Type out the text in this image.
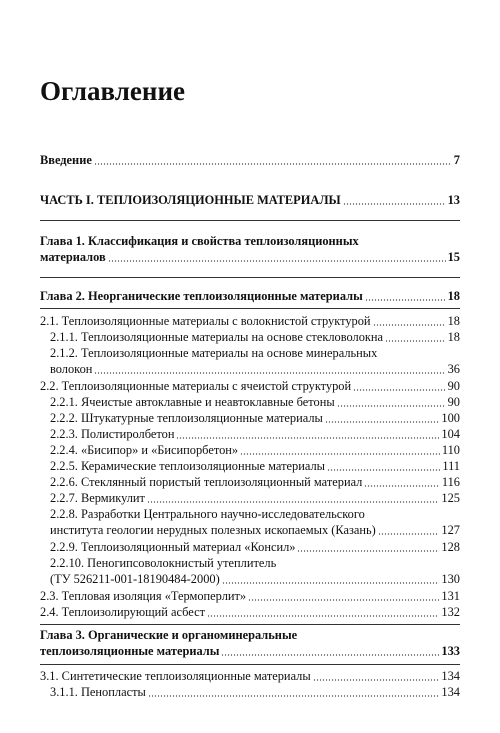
Оглавление
Введение	7
ЧАСТЬ I. ТЕПЛОИЗОЛЯЦИОННЫЕ МАТЕРИАЛЫ	13
Глава 1. Классификация и свойства теплоизоляционных
материалов	15
Глава 2. Неорганические теплоизоляционные материалы	18
2.1. Теплоизоляционные материалы с волокнистой структурой	18
2.1.1. Теплоизоляционные материалы на основе стекловолокна	18
2.1.2. Теплоизоляционные материалы на основе минеральных
волокон	36
2.2. Теплоизоляционные материалы с ячеистой структурой	90
2.2.1. Ячеистые автоклавные и неавтоклавные бетоны	90
2.2.2. Штукатурные теплоизоляционные материалы	100
2.2.3. Полистиролбетон	104
2.2.4. «Бисипор» и «Бисипорбетон»	110
2.2.5. Керамические теплоизоляционные материалы	111
2.2.6. Стеклянный пористый теплоизоляционный материал	116
2.2.7. Вермикулит	125
2.2.8. Разработки Центрального научно-исследовательского
института геологии нерудных полезных ископаемых (Казань)	127
2.2.9. Теплоизоляционный материал «Консил»	128
2.2.10. Пеногипсоволокнистый утеплитель
(ТУ 526211-001-18190484-2000)	130
2.3. Тепловая изоляция «Термоперлит»	131
2.4. Теплоизолирующий асбест	132
Глава 3. Органические и органоминеральные
теплоизоляционные материалы	133
3.1. Синтетические теплоизоляционные материалы	134
3.1.1. Пенопласты	134
